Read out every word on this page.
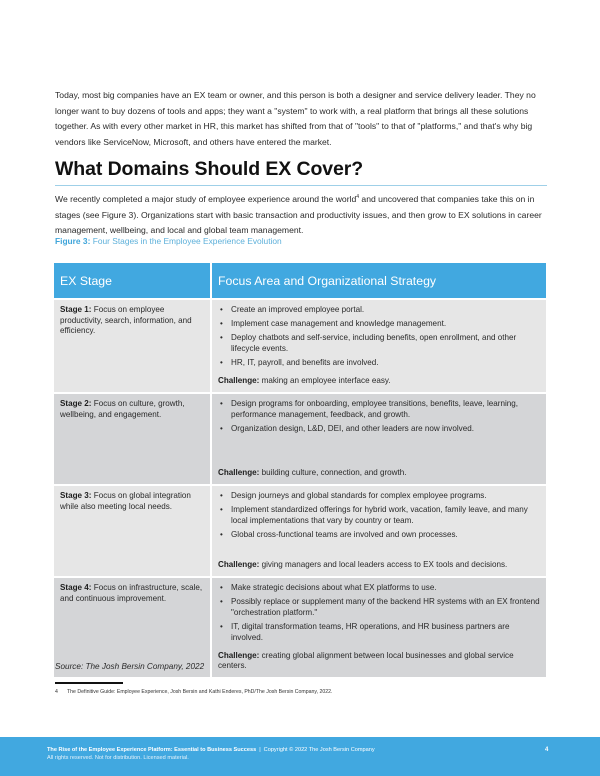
Today, most big companies have an EX team or owner, and this person is both a designer and service delivery leader. They no longer want to buy dozens of tools and apps; they want a "system" to work with, a real platform that brings all these solutions together. As with every other market in HR, this market has shifted from that of "tools" to that of "platforms," and that's why big vendors like ServiceNow, Microsoft, and others have entered the market.

What Domains Should EX Cover?

We recently completed a major study of employee experience around the world$^4$ and uncovered that companies take this on in stages (see Figure 3). Organizations start with basic transaction and productivity issues, and then grow to EX solutions in career management, wellbeing, and local and global team management.

Figure 3: Four Stages in the Employee Experience Evolution
EX Stage	Focus Area and Organizational Strategy
Stage 1: Focus on employee productivity, search, information, and efficiency.	
• Create an improved employee portal.
• Implement case management and knowledge management.
• Deploy chatbots and self-service, including benefits, open enrollment, and other lifecycle events.
• HR, IT, payroll, and benefits are involved.
Challenge: making an employee interface easy.

Stage 2: Focus on culture, growth, wellbeing, and engagement.	
• Design programs for onboarding, employee transitions, benefits, leave, learning, performance management, feedback, and growth.
• Organization design, L&D, DEI, and other leaders are now involved.
Challenge: building culture, connection, and growth.

Stage 3: Focus on global integration while also meeting local needs.	
• Design journeys and global standards for complex employee programs.
• Implement standardized offerings for hybrid work, vacation, family leave, and many local implementations that vary by country or team.
• Global cross-functional teams are involved and own processes.
Challenge: giving managers and local leaders access to EX tools and decisions.

Stage 4: Focus on infrastructure, scale, and continuous improvement.	
• Make strategic decisions about what EX platforms to use.
• Possibly replace or supplement many of the backend HR systems with an EX frontend "orchestration platform."
• IT, digital transformation teams, HR operations, and HR business partners are involved.
Challenge: creating global alignment between local businesses and global service centers.
Source: The Josh Bersin Company, 2022
4 The Definitive Guide: Employee Experience, Josh Bersin and Kathi Enderes, PhD/The Josh Bersin Company, 2022.
The Rise of the Employee Experience Platform: Essential to Business Success | Copyright © 2022 The Josh Bersin Company
All rights reserved. Not for distribution. Licensed material.
4
